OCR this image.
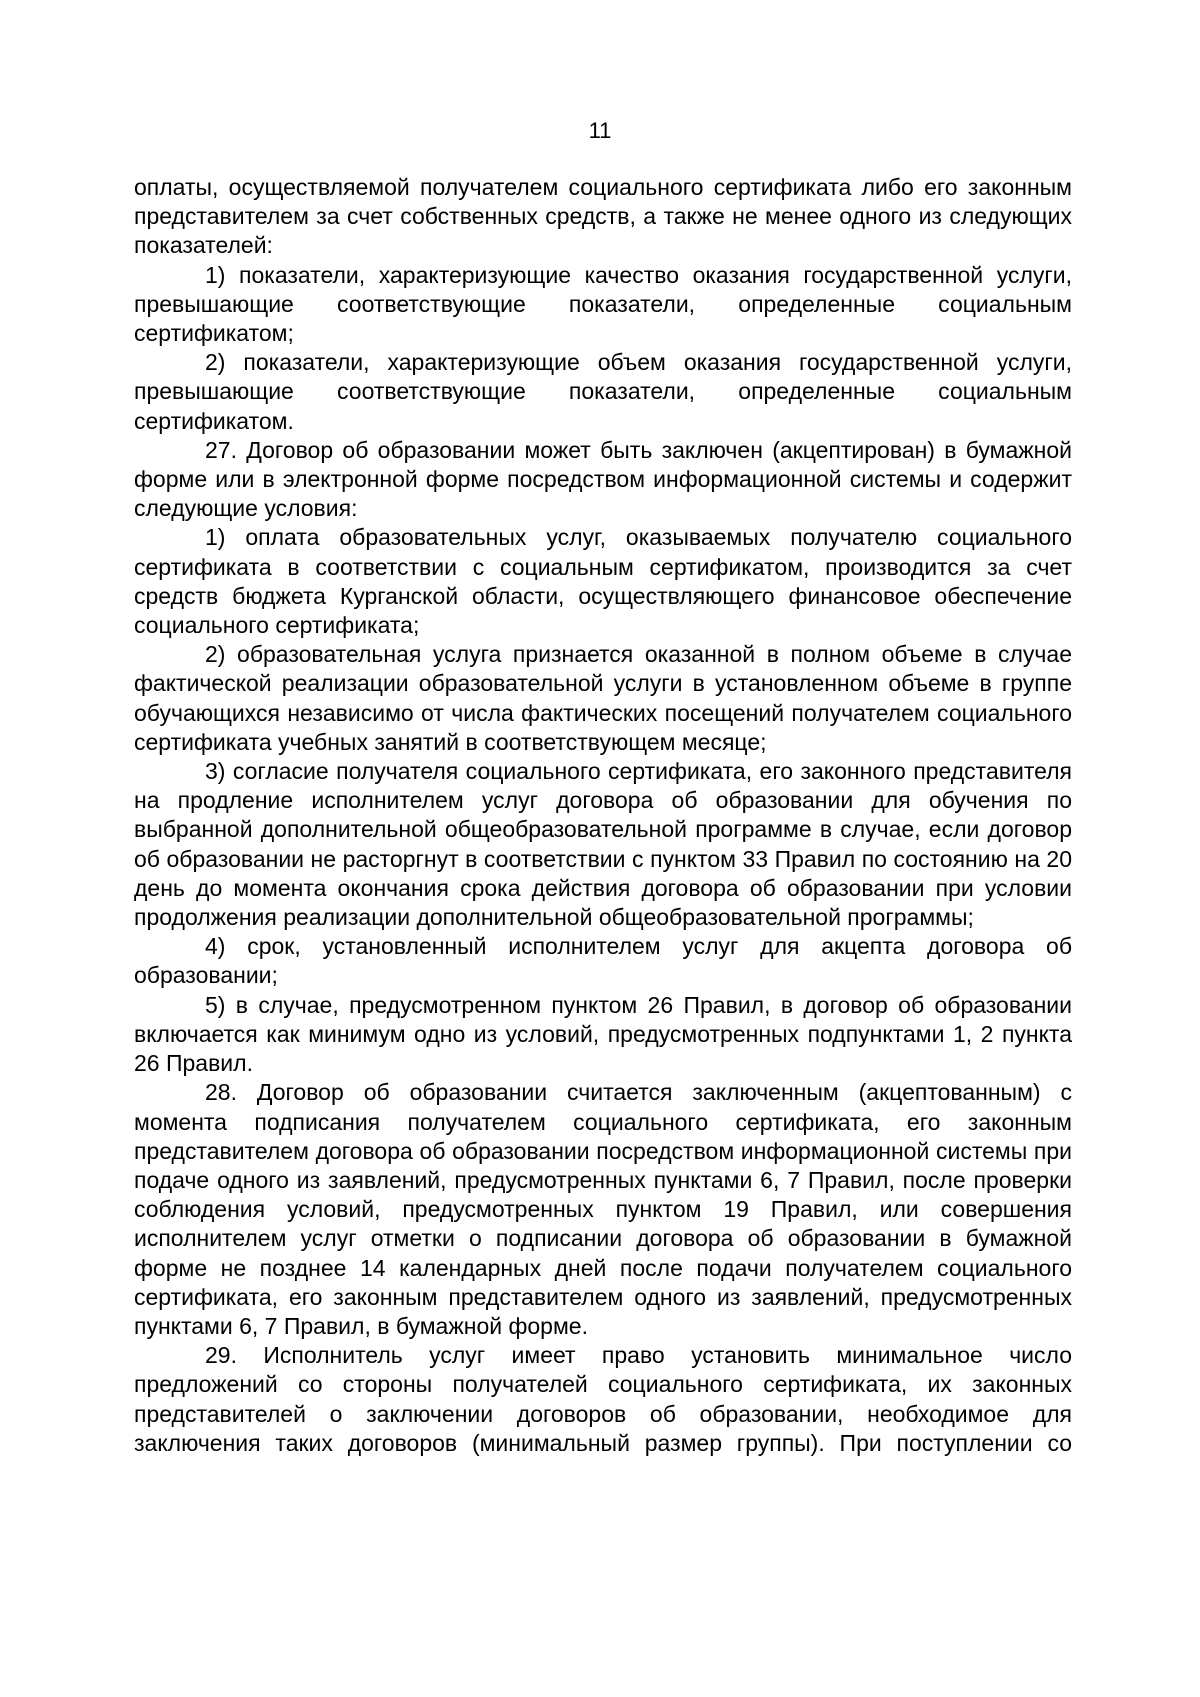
11

оплаты, осуществляемой получателем социального сертификата либо его законным представителем за счет собственных средств, а также не менее одного из следующих показателей:

1) показатели, характеризующие качество оказания государственной услуги, превышающие соответствующие показатели, определенные социальным сертификатом;

2) показатели, характеризующие объем оказания государственной услуги, превышающие соответствующие показатели, определенные социальным сертификатом.

27. Договор об образовании может быть заключен (акцептирован) в бумажной форме или в электронной форме посредством информационной системы и содержит следующие условия:

1) оплата образовательных услуг, оказываемых получателю социального сертификата в соответствии с социальным сертификатом, производится за счет средств бюджета Курганской области, осуществляющего финансовое обеспечение социального сертификата;

2) образовательная услуга признается оказанной в полном объеме в случае фактической реализации образовательной услуги в установленном объеме в группе обучающихся независимо от числа фактических посещений получателем социального сертификата учебных занятий в соответствующем месяце;

3) согласие получателя социального сертификата, его законного представителя на продление исполнителем услуг договора об образовании для обучения по выбранной дополнительной общеобразовательной программе в случае, если договор об образовании не расторгнут в соответствии с пунктом 33 Правил по состоянию на 20 день до момента окончания срока действия договора об образовании при условии продолжения реализации дополнительной общеобразовательной программы;

4) срок, установленный исполнителем услуг для акцепта договора об образовании;

5) в случае, предусмотренном пунктом 26 Правил, в договор об образовании включается как минимум одно из условий, предусмотренных подпунктами 1, 2 пункта 26 Правил.

28. Договор об образовании считается заключенным (акцептованным) с момента подписания получателем социального сертификата, его законным представителем договора об образовании посредством информационной системы при подаче одного из заявлений, предусмотренных пунктами 6, 7 Правил, после проверки соблюдения условий, предусмотренных пунктом 19 Правил, или совершения исполнителем услуг отметки о подписании договора об образовании в бумажной форме не позднее 14 календарных дней после подачи получателем социального сертификата, его законным представителем одного из заявлений, предусмотренных пунктами 6, 7 Правил, в бумажной форме.

29. Исполнитель услуг имеет право установить минимальное число предложений со стороны получателей социального сертификата, их законных представителей о заключении договоров об образовании, необходимое для заключения таких договоров (минимальный размер группы). При поступлении со
